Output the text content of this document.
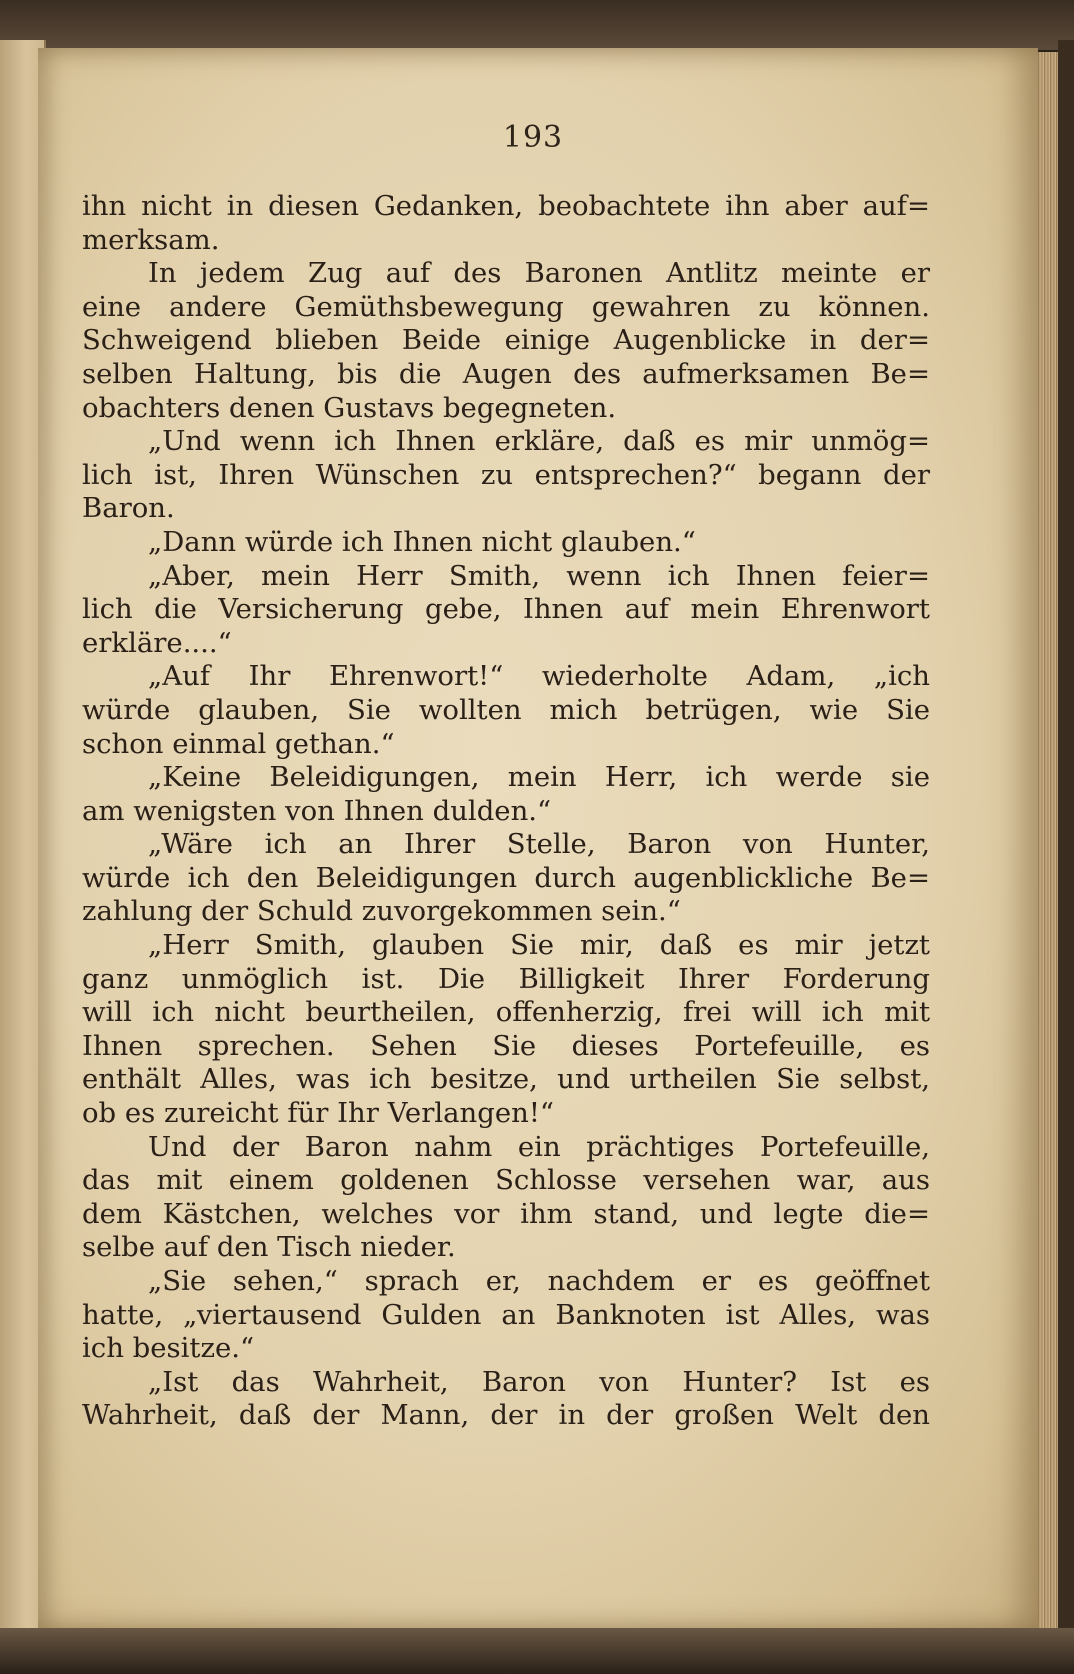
193
ihn nicht in diesen Gedanken, beobachtete ihn aber auf=
merksam.
In jedem Zug auf des Baronen Antlitz meinte er
eine andere Gemüthsbewegung gewahren zu können.
Schweigend blieben Beide einige Augenblicke in der=
selben Haltung, bis die Augen des aufmerksamen Be=
obachters denen Gustavs begegneten.
„Und wenn ich Ihnen erkläre, daß es mir unmög=
lich ist, Ihren Wünschen zu entsprechen?“ begann der
Baron.
„Dann würde ich Ihnen nicht glauben.“
„Aber, mein Herr Smith, wenn ich Ihnen feier=
lich die Versicherung gebe, Ihnen auf mein Ehrenwort
erkläre....“
„Auf Ihr Ehrenwort!“ wiederholte Adam, „ich
würde glauben, Sie wollten mich betrügen, wie Sie
schon einmal gethan.“
„Keine Beleidigungen, mein Herr, ich werde sie
am wenigsten von Ihnen dulden.“
„Wäre ich an Ihrer Stelle, Baron von Hunter,
würde ich den Beleidigungen durch augenblickliche Be=
zahlung der Schuld zuvorgekommen sein.“
„Herr Smith, glauben Sie mir, daß es mir jetzt
ganz unmöglich ist. Die Billigkeit Ihrer Forderung
will ich nicht beurtheilen, offenherzig, frei will ich mit
Ihnen sprechen. Sehen Sie dieses Portefeuille, es
enthält Alles, was ich besitze, und urtheilen Sie selbst,
ob es zureicht für Ihr Verlangen!“
Und der Baron nahm ein prächtiges Portefeuille,
das mit einem goldenen Schlosse versehen war, aus
dem Kästchen, welches vor ihm stand, und legte die=
selbe auf den Tisch nieder.
„Sie sehen,“ sprach er, nachdem er es geöffnet
hatte, „viertausend Gulden an Banknoten ist Alles, was
ich besitze.“
„Ist das Wahrheit, Baron von Hunter? Ist es
Wahrheit, daß der Mann, der in der großen Welt den
